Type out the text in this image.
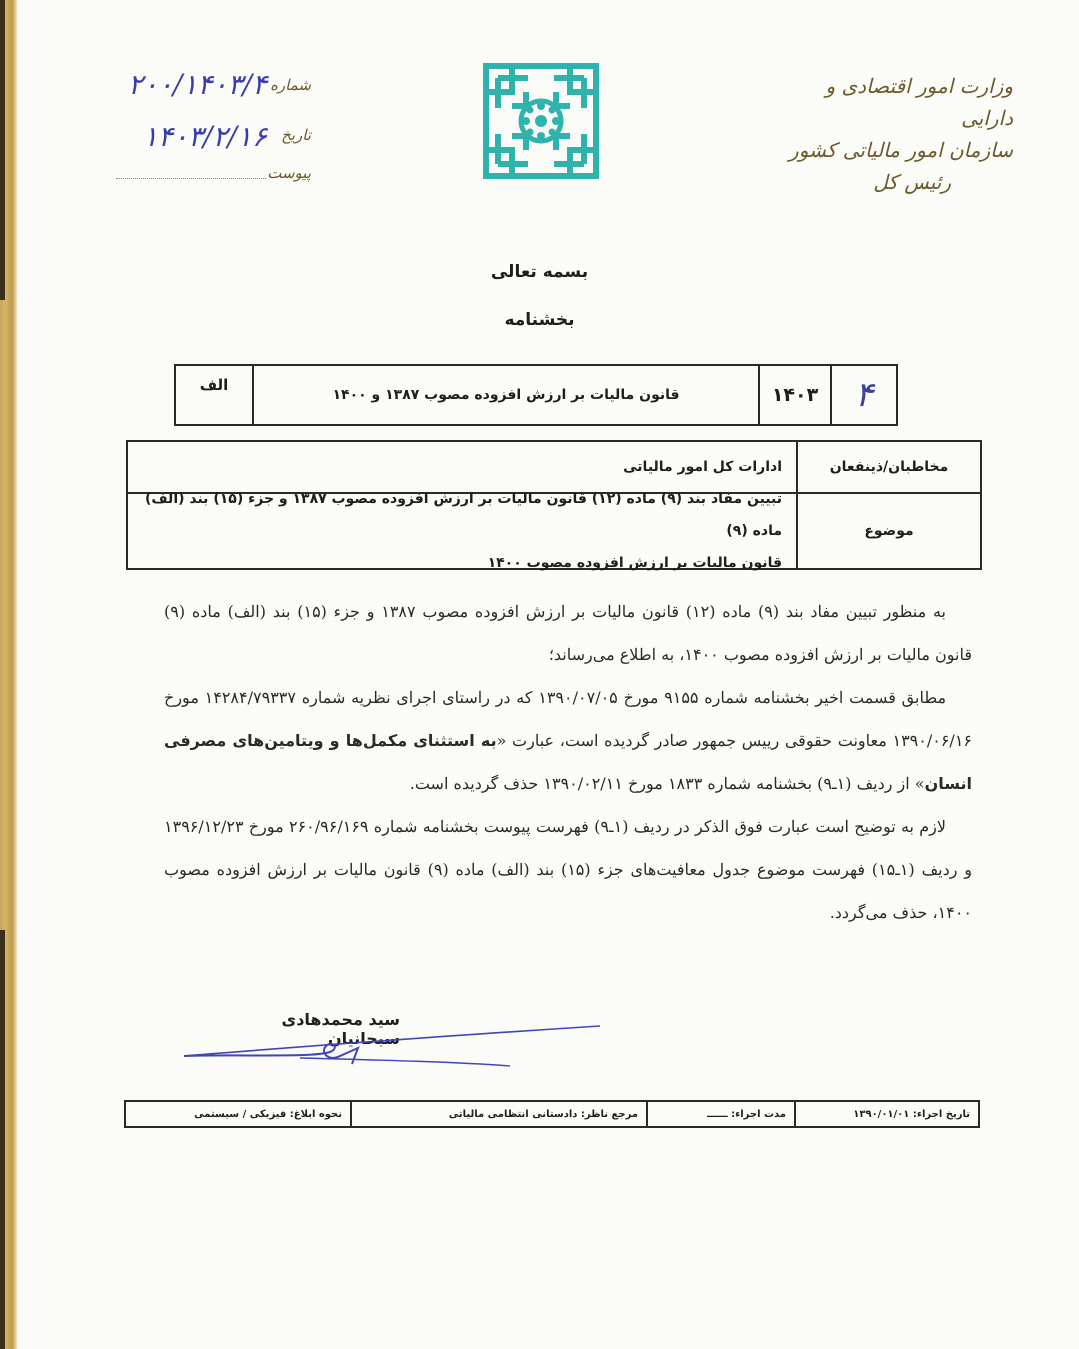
وزارت امور اقتصادی و دارایی
سازمان امور مالیاتی کشور
رئیس کل
شماره
۲۰۰/۱۴۰۳/۴
تاریخ
۱۴۰۳/۲/۱۶
پیوست
بسمه تعالی
بخشنامه
۴
۱۴۰۳
قانون مالیات بر ارزش افزوده مصوب ۱۳۸۷ و ۱۴۰۰
الف
مخاطبان/ذینفعان
ادارات کل امور مالیاتی
موضوع
تبیین مفاد بند (۹) ماده (۱۲) قانون مالیات بر ارزش افزوده مصوب ۱۳۸۷ و جزء (۱۵) بند (الف) ماده (۹)
قانون مالیات بر ارزش افزوده مصوب ۱۴۰۰

به منظور تبیین مفاد بند (۹) ماده (۱۲) قانون مالیات بر ارزش افزوده مصوب ۱۳۸۷ و جزء (۱۵) بند (الف) ماده (۹) قانون مالیات بر ارزش افزوده مصوب ۱۴۰۰، به اطلاع می‌رساند؛

مطابق قسمت اخیر بخشنامه شماره ۹۱۵۵ مورخ ۱۳۹۰/۰۷/۰۵ که در راستای اجرای نظریه شماره ۱۴۲۸۴/۷۹۳۳۷ مورخ ۱۳۹۰/۰۶/۱۶ معاونت حقوقی رییس جمهور صادر گردیده است، عبارت «به استثنای مکمل‌ها و ویتامین‌های مصرفی انسان» از ردیف (۱ـ۹) بخشنامه شماره ۱۸۳۳ مورخ ۱۳۹۰/۰۲/۱۱ حذف گردیده است.

لازم به توضیح است عبارت فوق الذکر در ردیف (۱ـ۹) فهرست پیوست بخشنامه شماره ۲۶۰/۹۶/۱۶۹ مورخ ۱۳۹۶/۱۲/۲۳ و ردیف (۱ـ۱۵) فهرست موضوع جدول معافیت‌های جزء (۱۵) بند (الف) ماده (۹) قانون مالیات بر ارزش افزوده مصوب ۱۴۰۰، حذف می‌گردد.

سید محمدهادی سبحانیان
تاریخ اجراء: ۱۳۹۰/۰۱/۰۱
مدت اجراء: ــــــ
مرجع ناظر: دادستانی انتظامی مالیاتی
نحوه ابلاغ: فیزیکی / سیستمی
